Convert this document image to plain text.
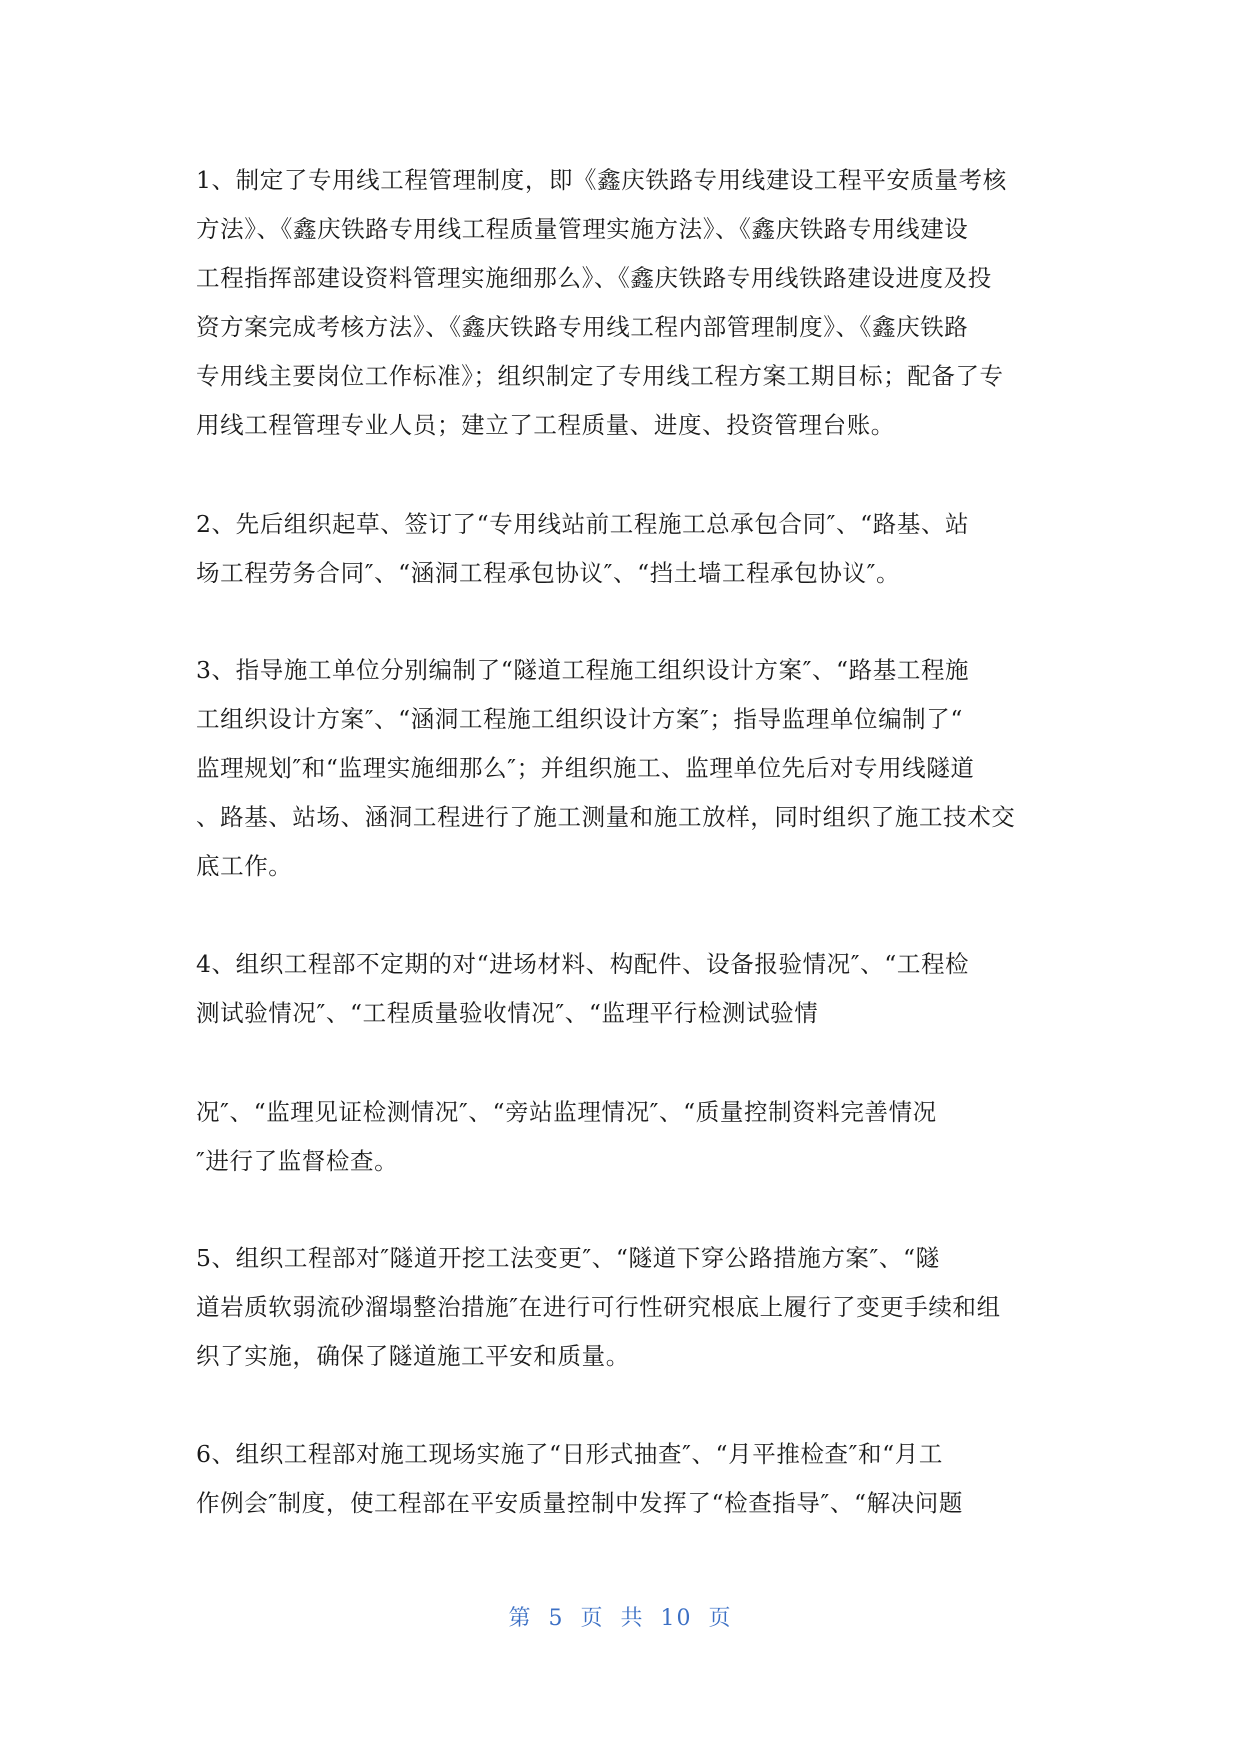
1、制定了专用线工程管理制度，即《鑫庆铁路专用线建设工程平安质量考核
方法》、《鑫庆铁路专用线工程质量管理实施方法》、《鑫庆铁路专用线建设
工程指挥部建设资料管理实施细那么》、《鑫庆铁路专用线铁路建设进度及投
资方案完成考核方法》、《鑫庆铁路专用线工程内部管理制度》、《鑫庆铁路
专用线主要岗位工作标准》；组织制定了专用线工程方案工期目标；配备了专
用线工程管理专业人员；建立了工程质量、进度、投资管理台账。
2、先后组织起草、签订了“专用线站前工程施工总承包合同″、“路基、站
场工程劳务合同″、“涵洞工程承包协议″、“挡土墙工程承包协议″。
3、指导施工单位分别编制了“隧道工程施工组织设计方案″、“路基工程施
工组织设计方案″、“涵洞工程施工组织设计方案″；指导监理单位编制了“
监理规划″和“监理实施细那么″；并组织施工、监理单位先后对专用线隧道
、路基、站场、涵洞工程进行了施工测量和施工放样，同时组织了施工技术交
底工作。
4、组织工程部不定期的对“进场材料、构配件、设备报验情况″、“工程检
测试验情况″、“工程质量验收情况″、“监理平行检测试验情
况″、“监理见证检测情况″、“旁站监理情况″、“质量控制资料完善情况
″进行了监督检查。
5、组织工程部对″隧道开挖工法变更″、“隧道下穿公路措施方案″、“隧
道岩质软弱流砂溜塌整治措施″在进行可行性研究根底上履行了变更手续和组
织了实施，确保了隧道施工平安和质量。
6、组织工程部对施工现场实施了“日形式抽查″、“月平推检查″和“月工
作例会″制度，使工程部在平安质量控制中发挥了“检查指导″、“解决问题
第 5 页 共 10 页
